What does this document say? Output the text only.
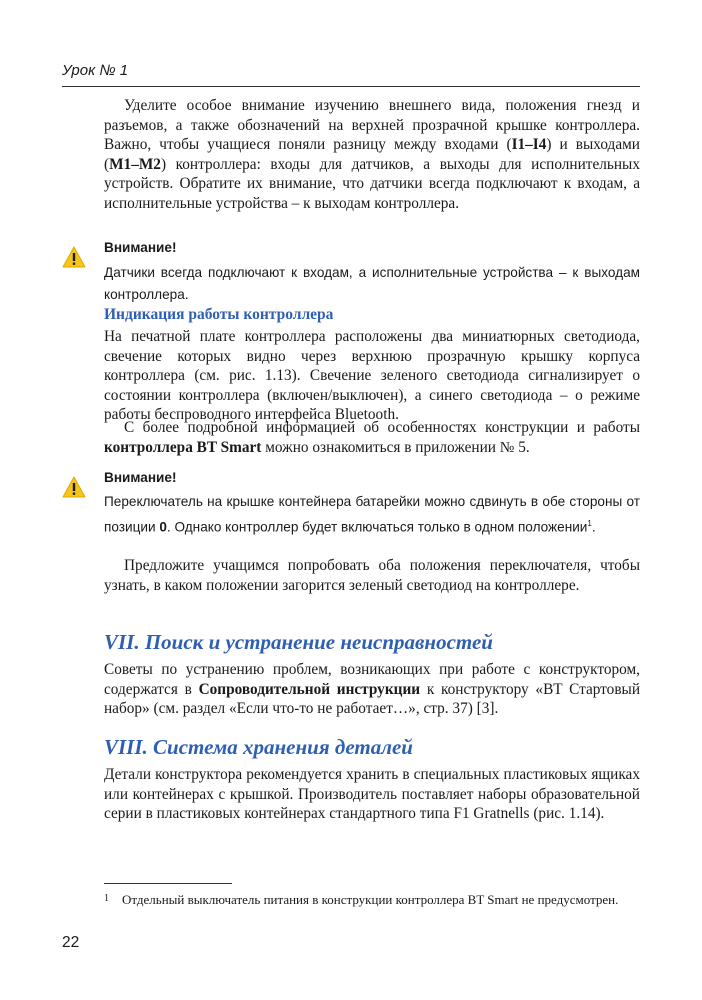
Урок № 1

Уделите особое внимание изучению внешнего вида, положения гнезд и разъемов, а также обозначений на верхней прозрачной крышке контроллера. Важно, чтобы учащиеся поняли разницу между входами (I1–I4) и выходами (M1–M2) контроллера: входы для датчиков, а выходы для исполнительных устройств. Обратите их внимание, что датчики всегда подключают к входам, а исполнительные устройства – к выходам контроллера.

Внимание!

Датчики всегда подключают к входам, а исполнительные устройства – к выходам контроллера.

Индикация работы контроллера

На печатной плате контроллера расположены два миниатюрных светодиода, свечение которых видно через верхнюю прозрачную крышку корпуса контроллера (см. рис. 1.13). Свечение зеленого светодиода сигнализирует о состоянии контроллера (включен/выключен), а синего светодиода – о режиме работы беспроводного интерфейса Bluetooth.

С более подробной информацией об особенностях конструкции и работы контроллера BT Smart можно ознакомиться в приложении № 5.

Внимание!

Переключатель на крышке контейнера батарейки можно сдвинуть в обе стороны от позиции 0. Однако контроллер будет включаться только в одном положении$^1$.

Предложите учащимся попробовать оба положения переключателя, чтобы узнать, в каком положении загорится зеленый светодиод на контроллере.

VII. Поиск и устранение неисправностей

Советы по устранению проблем, возникающих при работе с конструктором, содержатся в Сопроводительной инструкции к конструктору «BT Стартовый набор» (см. раздел «Если что-то не работает…», стр. 37) [3].

VIII. Система хранения деталей

Детали конструктора рекомендуется хранить в специальных пластиковых ящиках или контейнерах с крышкой. Производитель поставляет наборы образовательной серии в пластиковых контейнерах стандартного типа F1 Gratnells (рис. 1.14).

1 Отдельный выключатель питания в конструкции контроллера BT Smart не предусмотрен.

22
